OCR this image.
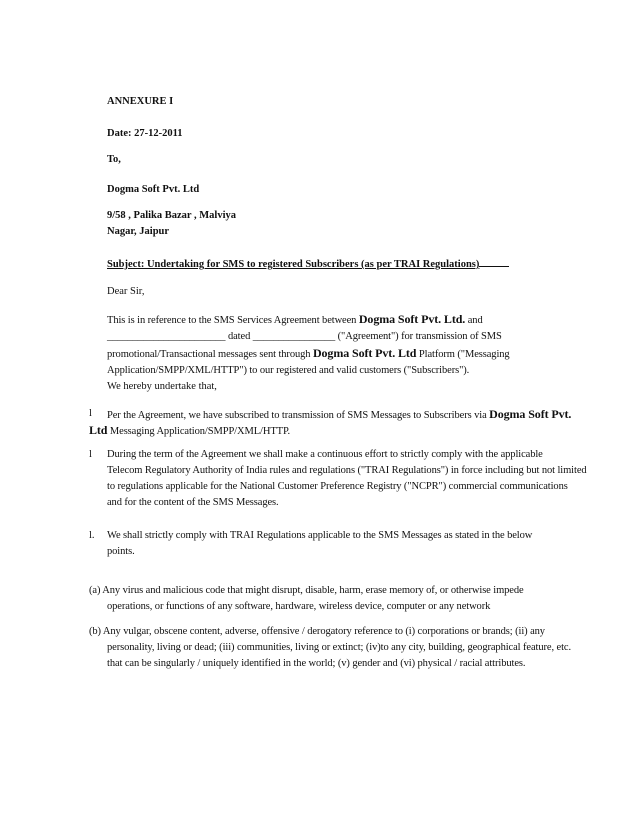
ANNEXURE I

Date: 27-12-2011

To,

Dogma Soft Pvt. Ltd

9/58 , Palika Bazar , Malviya
Nagar, Jaipur

Subject: Undertaking for SMS to registered Subscribers (as per TRAI Regulations)

Dear Sir,

This is in reference to the SMS Services Agreement between Dogma Soft Pvt. Ltd. and
_______________________ dated ________________ ("Agreement") for transmission of SMS
promotional/Transactional messages sent through Dogma Soft Pvt. Ltd Platform ("Messaging
Application/SMPP/XML/HTTP") to our registered and valid customers ("Subscribers").

We hereby undertake that,

l Per the Agreement, we have subscribed to transmission of SMS Messages to Subscribers via Dogma Soft Pvt.
Ltd Messaging Application/SMPP/XML/HTTP.
l During the term of the Agreement we shall make a continuous effort to strictly comply with the applicable
Telecom Regulatory Authority of India rules and regulations ("TRAI Regulations") in force including but not limited
to regulations applicable for the National Customer Preference Registry ("NCPR") commercial communications
and for the content of the SMS Messages.
l. We shall strictly comply with TRAI Regulations applicable to the SMS Messages as stated in the below
points.
(a) Any virus and malicious code that might disrupt, disable, harm, erase memory of, or otherwise impede
operations, or functions of any software, hardware, wireless device, computer or any network
(b) Any vulgar, obscene content, adverse, offensive / derogatory reference to (i) corporations or brands; (ii) any
personality, living or dead; (iii) communities, living or extinct; (iv)to any city, building, geographical feature, etc.
that can be singularly / uniquely identified in the world; (v) gender and (vi) physical / racial attributes.
